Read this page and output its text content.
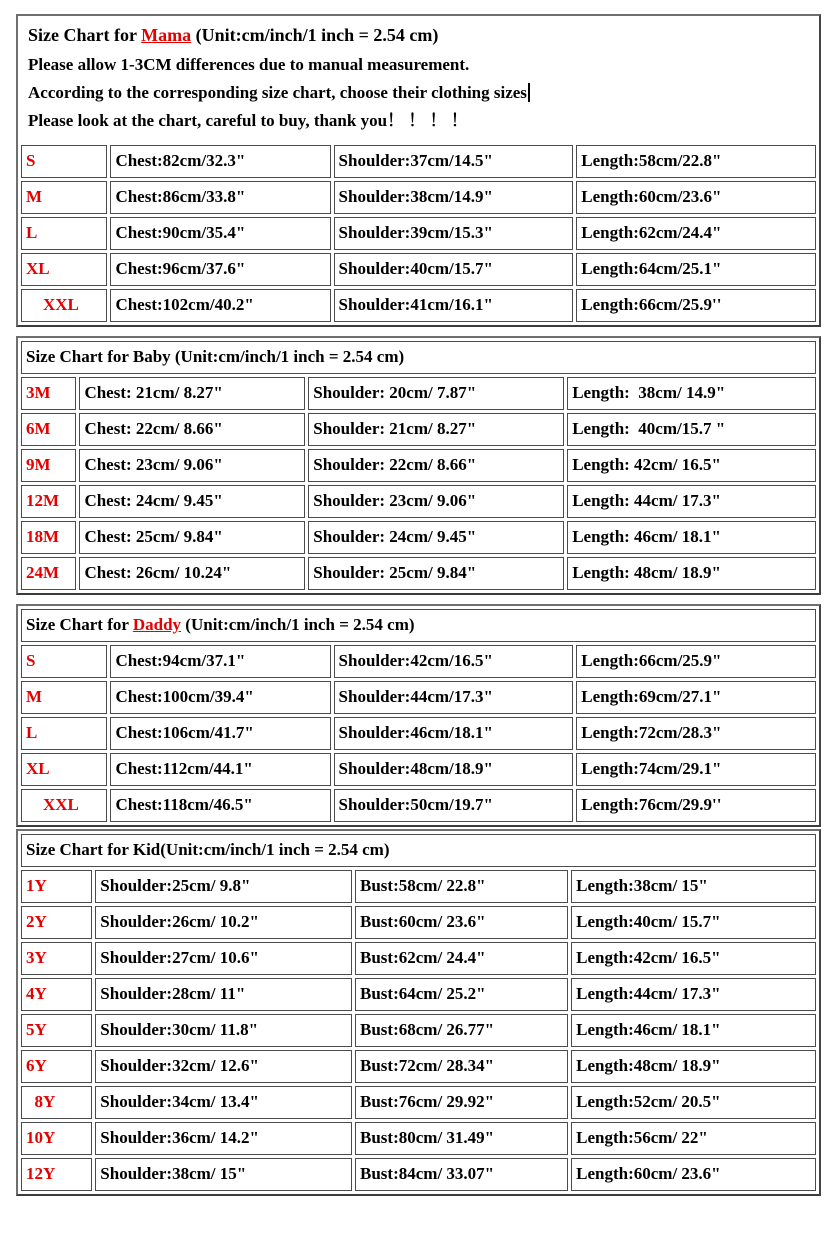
Size Chart for Mama (Unit:cm/inch/1 inch = 2.54 cm)

Please allow 1-3CM differences due to manual measurement.

According to the corresponding size chart, choose their clothing sizes

Please look at the chart, careful to buy, thank you！ ！ ！ ！

S	Chest:82cm/32.3"	Shoulder:37cm/14.5"	Length:58cm/22.8"
M	Chest:86cm/33.8"	Shoulder:38cm/14.9"	Length:60cm/23.6"
L	Chest:90cm/35.4"	Shoulder:39cm/15.3"	Length:62cm/24.4"
XL	Chest:96cm/37.6"	Shoulder:40cm/15.7"	Length:64cm/25.1"
XXL	Chest:102cm/40.2"	Shoulder:41cm/16.1"	Length:66cm/25.9''
Size Chart for Baby (Unit:cm/inch/1 inch = 2.54 cm)			
3M	Chest: 21cm/ 8.27"	Shoulder: 20cm/ 7.87"	Length:  38cm/ 14.9"
6M	Chest: 22cm/ 8.66"	Shoulder: 21cm/ 8.27"	Length:  40cm/15.7 "
9M	Chest: 23cm/ 9.06"	Shoulder: 22cm/ 8.66"	Length: 42cm/ 16.5"
12M	Chest: 24cm/ 9.45"	Shoulder: 23cm/ 9.06"	Length: 44cm/ 17.3"
18M	Chest: 25cm/ 9.84"	Shoulder: 24cm/ 9.45"	Length: 46cm/ 18.1"
24M	Chest: 26cm/ 10.24"	Shoulder: 25cm/ 9.84"	Length: 48cm/ 18.9"
Size Chart for Daddy (Unit:cm/inch/1 inch = 2.54 cm)			
S	Chest:94cm/37.1"	Shoulder:42cm/16.5"	Length:66cm/25.9"
M	Chest:100cm/39.4"	Shoulder:44cm/17.3"	Length:69cm/27.1"
L	Chest:106cm/41.7"	Shoulder:46cm/18.1"	Length:72cm/28.3"
XL	Chest:112cm/44.1"	Shoulder:48cm/18.9"	Length:74cm/29.1"
XXL	Chest:118cm/46.5"	Shoulder:50cm/19.7"	Length:76cm/29.9''
Size Chart for Kid(Unit:cm/inch/1 inch = 2.54 cm)			
1Y	Shoulder:25cm/ 9.8"	Bust:58cm/ 22.8"	Length:38cm/ 15"
2Y	Shoulder:26cm/ 10.2"	Bust:60cm/ 23.6"	Length:40cm/ 15.7"
3Y	Shoulder:27cm/ 10.6"	Bust:62cm/ 24.4"	Length:42cm/ 16.5"
4Y	Shoulder:28cm/ 11"	Bust:64cm/ 25.2"	Length:44cm/ 17.3"
5Y	Shoulder:30cm/ 11.8"	Bust:68cm/ 26.77"	Length:46cm/ 18.1"
6Y	Shoulder:32cm/ 12.6"	Bust:72cm/ 28.34"	Length:48cm/ 18.9"
8Y	Shoulder:34cm/ 13.4"	Bust:76cm/ 29.92"	Length:52cm/ 20.5"
10Y	Shoulder:36cm/ 14.2"	Bust:80cm/ 31.49"	Length:56cm/ 22"
12Y	Shoulder:38cm/ 15"	Bust:84cm/ 33.07"	Length:60cm/ 23.6"
